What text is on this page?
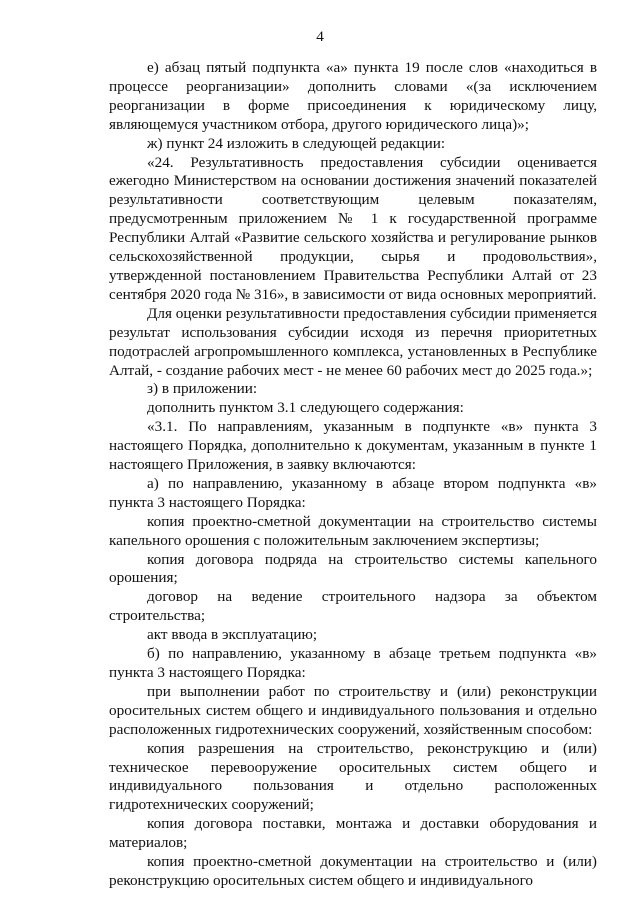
4

е) абзац пятый подпункта «а» пункта 19 после слов «находиться в процессе реорганизации» дополнить словами «(за исключением реорганизации в форме присоединения к юридическому лицу, являющемуся участником отбора, другого юридического лица)»;

ж) пункт 24 изложить в следующей редакции:

«24. Результативность предоставления субсидии оценивается ежегодно Министерством на основании достижения значений показателей результативности соответствующим целевым показателям, предусмотренным приложением № 1 к государственной программе Республики Алтай «Развитие сельского хозяйства и регулирование рынков сельскохозяйственной продукции, сырья и продовольствия», утвержденной постановлением Правительства Республики Алтай от 23 сентября 2020 года № 316», в зависимости от вида основных мероприятий.

Для оценки результативности предоставления субсидии применяется результат использования субсидии исходя из перечня приоритетных подотраслей агропромышленного комплекса, установленных в Республике Алтай, - создание рабочих мест - не менее 60 рабочих мест до 2025 года.»;

з) в приложении:

дополнить пунктом 3.1 следующего содержания:

«3.1. По направлениям, указанным в подпункте «в» пункта 3 настоящего Порядка, дополнительно к документам, указанным в пункте 1 настоящего Приложения, в заявку включаются:

а) по направлению, указанному в абзаце втором подпункта «в» пункта 3 настоящего Порядка:

копия проектно-сметной документации на строительство системы капельного орошения с положительным заключением экспертизы;

копия договора подряда на строительство системы капельного орошения;

договор на ведение строительного надзора за объектом строительства;

акт ввода в эксплуатацию;

б) по направлению, указанному в абзаце третьем подпункта «в» пункта 3 настоящего Порядка:

при выполнении работ по строительству и (или) реконструкции оросительных систем общего и индивидуального пользования и отдельно расположенных гидротехнических сооружений, хозяйственным способом:

копия разрешения на строительство, реконструкцию и (или) техническое перевооружение оросительных систем общего и индивидуального пользования и отдельно расположенных гидротехнических сооружений;

копия договора поставки, монтажа и доставки оборудования и материалов;

копия проектно-сметной документации на строительство и (или) реконструкцию оросительных систем общего и индивидуального
